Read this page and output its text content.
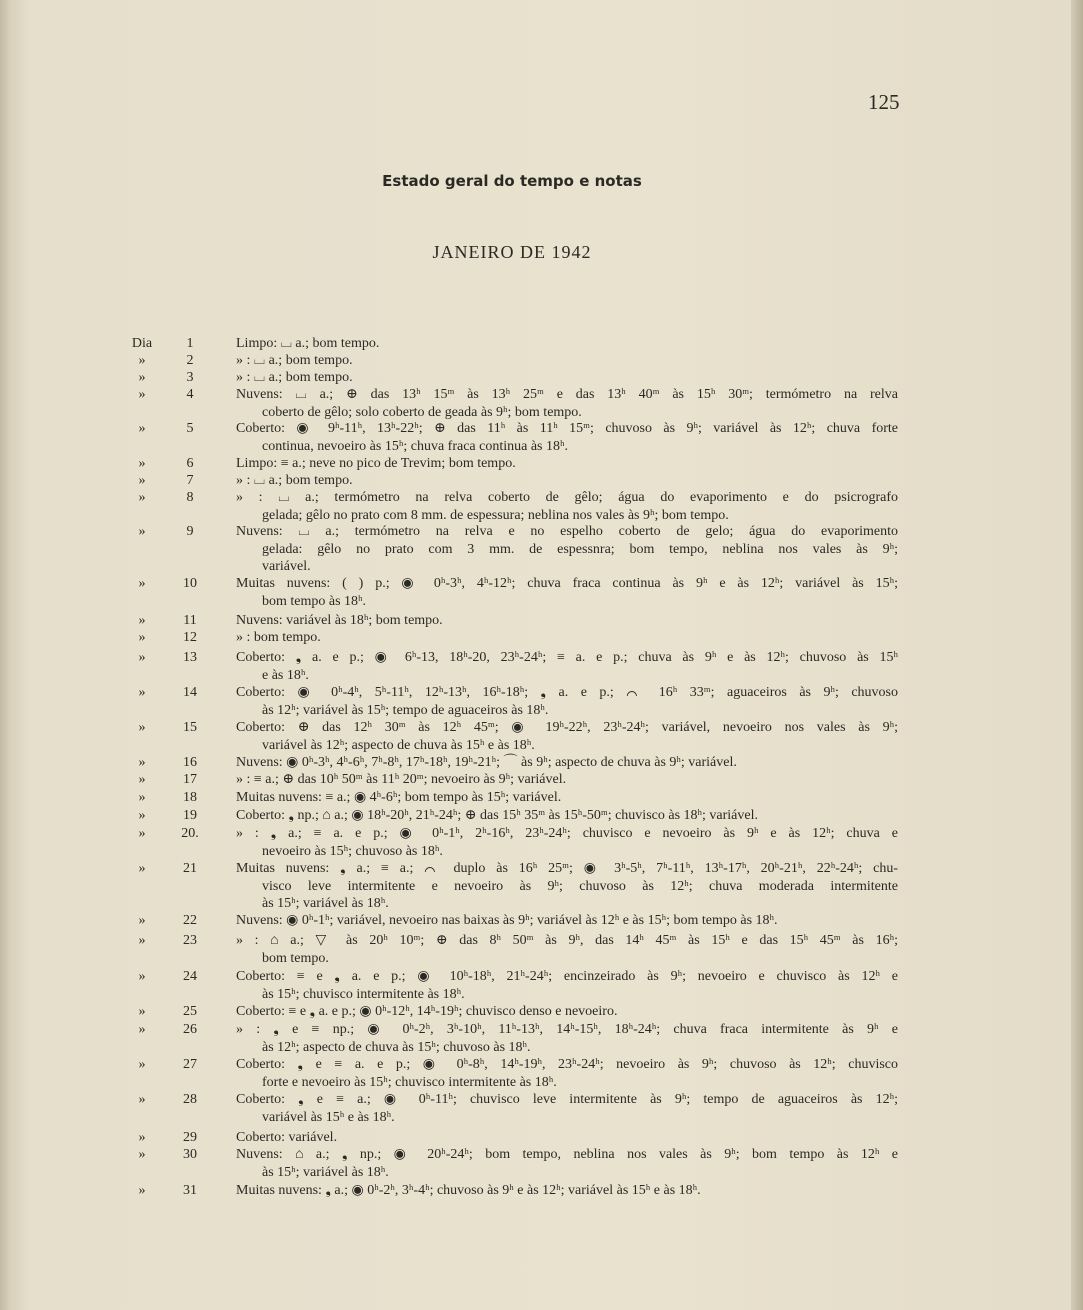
125
Estado geral do tempo e notas
JANEIRO DE 1942
Dia	1	Limpo: ⌴ a.; bom tempo.
»	2	» : ⌴ a.; bom tempo.
»	3	» : ⌴ a.; bom tempo.
»	4	Nuvens: ⌴ a.; ⊕ das 13ʰ 15ᵐ às 13ʰ 25ᵐ e das 13ʰ 40ᵐ às 15ʰ 30ᵐ; termómetro na relva
coberto de gêlo; solo coberto de geada às 9ʰ; bom tempo.
»	5	Coberto: ◉ 9ʰ-11ʰ, 13ʰ-22ʰ; ⊕ das 11ʰ às 11ʰ 15ᵐ; chuvoso às 9ʰ; variável às 12ʰ; chuva forte
continua, nevoeiro às 15ʰ; chuva fraca continua às 18ʰ.
»	6	Limpo: ≡ a.; neve no pico de Trevim; bom tempo.
»	7	» : ⌴ a.; bom tempo.
»	8	» : ⌴ a.; termómetro na relva coberto de gêlo; água do evaporimento e do psicrografo
gelada; gêlo no prato com 8 mm. de espessura; neblina nos vales às 9ʰ; bom tempo.
»	9	Nuvens: ⌴ a.; termómetro na relva e no espelho coberto de gelo; água do evaporimento
gelada: gêlo no prato com 3 mm. de espessnra; bom tempo, neblina nos vales às 9ʰ;
variável.
»	10	Muitas nuvens: ( ) p.; ◉ 0ʰ-3ʰ, 4ʰ-12ʰ; chuva fraca continua às 9ʰ e às 12ʰ; variável às 15ʰ;
bom tempo às 18ʰ.
»	11	Nuvens: variável às 18ʰ; bom tempo.
»	12	» : bom tempo.
»	13	Coberto: ❟ a. e p.; ◉ 6ʰ-13, 18ʰ-20, 23ʰ-24ʰ; ≡ a. e p.; chuva às 9ʰ e às 12ʰ; chuvoso às 15ʰ
e às 18ʰ.
»	14	Coberto: ◉ 0ʰ-4ʰ, 5ʰ-11ʰ, 12ʰ-13ʰ, 16ʰ-18ʰ; ❟ a. e p.; ⌒ 16ʰ 33ᵐ; aguaceiros às 9ʰ; chuvoso
às 12ʰ; variável às 15ʰ; tempo de aguaceiros às 18ʰ.
»	15	Coberto: ⊕ das 12ʰ 30ᵐ às 12ʰ 45ᵐ; ◉ 19ʰ-22ʰ, 23ʰ-24ʰ; variável, nevoeiro nos vales às 9ʰ;
variável às 12ʰ; aspecto de chuva às 15ʰ e às 18ʰ.
»	16	Nuvens: ◉ 0ʰ-3ʰ, 4ʰ-6ʰ, 7ʰ-8ʰ, 17ʰ-18ʰ, 19ʰ-21ʰ; ⌒ às 9ʰ; aspecto de chuva às 9ʰ; variável.
»	17	» : ≡ a.; ⊕ das 10ʰ 50ᵐ às 11ʰ 20ᵐ; nevoeiro às 9ʰ; variável.
»	18	Muitas nuvens: ≡ a.; ◉ 4ʰ-6ʰ; bom tempo às 15ʰ; variável.
»	19	Coberto: ❟ np.; ⌂ a.; ◉ 18ʰ-20ʰ, 21ʰ-24ʰ; ⊕ das 15ʰ 35ᵐ às 15ʰ-50ᵐ; chuvisco às 18ʰ; variável.
»	20.	» : ❟ a.; ≡ a. e p.; ◉ 0ʰ-1ʰ, 2ʰ-16ʰ, 23ʰ-24ʰ; chuvisco e nevoeiro às 9ʰ e às 12ʰ; chuva e
nevoeiro às 15ʰ; chuvoso às 18ʰ.
»	21	Muitas nuvens: ❟ a.; ≡ a.; ⌒ duplo às 16ʰ 25ᵐ; ◉ 3ʰ-5ʰ, 7ʰ-11ʰ, 13ʰ-17ʰ, 20ʰ-21ʰ, 22ʰ-24ʰ; chu-
visco leve intermitente e nevoeiro às 9ʰ; chuvoso às 12ʰ; chuva moderada intermitente
às 15ʰ; variável às 18ʰ.
»	22	Nuvens: ◉ 0ʰ-1ʰ; variável, nevoeiro nas baixas às 9ʰ; variável às 12ʰ e às 15ʰ; bom tempo às 18ʰ.
»	23	» : ⌂ a.; ▽ às 20ʰ 10ᵐ; ⊕ das 8ʰ 50ᵐ às 9ʰ, das 14ʰ 45ᵐ às 15ʰ e das 15ʰ 45ᵐ às 16ʰ;
bom tempo.
»	24	Coberto: ≡ e ❟ a. e p.; ◉ 10ʰ-18ʰ, 21ʰ-24ʰ; encinzeirado às 9ʰ; nevoeiro e chuvisco às 12ʰ e
às 15ʰ; chuvisco intermitente às 18ʰ.
»	25	Coberto: ≡ e ❟ a. e p.; ◉ 0ʰ-12ʰ, 14ʰ-19ʰ; chuvisco denso e nevoeiro.
»	26	» : ❟ e ≡ np.; ◉ 0ʰ-2ʰ, 3ʰ-10ʰ, 11ʰ-13ʰ, 14ʰ-15ʰ, 18ʰ-24ʰ; chuva fraca intermitente às 9ʰ e
às 12ʰ; aspecto de chuva às 15ʰ; chuvoso às 18ʰ.
»	27	Coberto: ❟ e ≡ a. e p.; ◉ 0ʰ-8ʰ, 14ʰ-19ʰ, 23ʰ-24ʰ; nevoeiro às 9ʰ; chuvoso às 12ʰ; chuvisco
forte e nevoeiro às 15ʰ; chuvisco intermitente às 18ʰ.
»	28	Coberto: ❟ e ≡ a.; ◉ 0ʰ-11ʰ; chuvisco leve intermitente às 9ʰ; tempo de aguaceiros às 12ʰ;
variável às 15ʰ e às 18ʰ.
»	29	Coberto: variável.
»	30	Nuvens: ⌂ a.; ❟ np.; ◉ 20ʰ-24ʰ; bom tempo, neblina nos vales às 9ʰ; bom tempo às 12ʰ e
às 15ʰ; variável às 18ʰ.
»	31	Muitas nuvens: ❟ a.; ◉ 0ʰ-2ʰ, 3ʰ-4ʰ; chuvoso às 9ʰ e às 12ʰ; variável às 15ʰ e às 18ʰ.
